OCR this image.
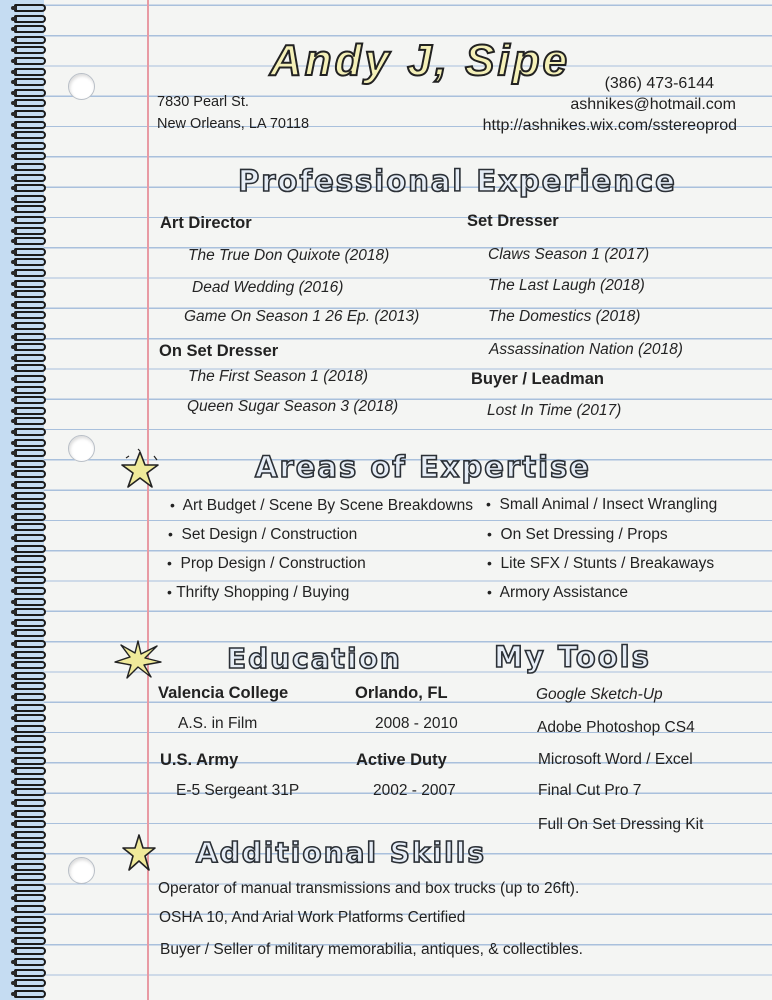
Andy J, Sipe
7830 Pearl St.
New Orleans, LA 70118
(386) 473-6144
ashnikes@hotmail.com
http://ashnikes.wix.com/sstereoprod
Professional Experience
Art Director
The True Don Quixote (2018)
Dead Wedding (2016)
Game On Season 1 26 Ep. (2013)
On Set Dresser
The First Season 1 (2018)
Queen Sugar Season 3 (2018)
Set Dresser
Claws Season 1 (2017)
The Last Laugh (2018)
The Domestics (2018)
Assassination Nation (2018)
Buyer / Leadman
Lost In Time (2017)
Areas of Expertise
• Art Budget / Scene By Scene Breakdowns
• Set Design / Construction
• Prop Design / Construction
• Thrifty Shopping / Buying
• Small Animal / Insect Wrangling
• On Set Dressing / Props
• Lite SFX / Stunts / Breakaways
• Armory Assistance
Education
Valencia College	Orlando, FL
A.S. in Film	2008 - 2010
U.S. Army	Active Duty
E-5 Sergeant 31P	2002 - 2007
My Tools
Google Sketch-Up
Adobe Photoshop CS4
Microsoft Word / Excel
Final Cut Pro 7
Full On Set Dressing Kit
Additional Skills
Operator of manual transmissions and box trucks (up to 26ft).
OSHA 10, And Arial Work Platforms Certified
Buyer / Seller of military memorabilia, antiques, & collectibles.
